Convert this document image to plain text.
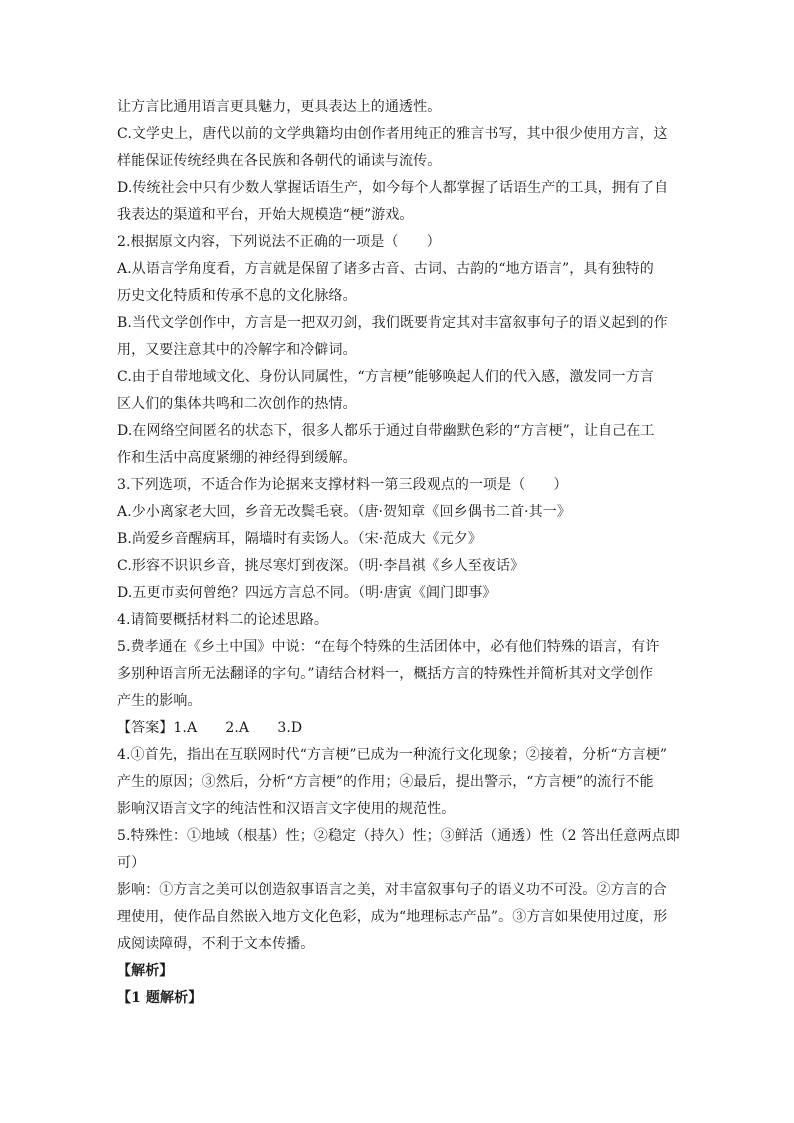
让方言比通用语言更具魅力，更具表达上的通透性。
C.文学史上，唐代以前的文学典籍均由创作者用纯正的雅言书写，其中很少使用方言，这
样能保证传统经典在各民族和各朝代的诵读与流传。
D.传统社会中只有少数人掌握话语生产，如今每个人都掌握了话语生产的工具，拥有了自
我表达的渠道和平台，开始大规模造“梗”游戏。
2.根据原文内容，下列说法不正确的一项是（　　）
A.从语言学角度看，方言就是保留了诸多古音、古词、古韵的“地方语言”，具有独特的
历史文化特质和传承不息的文化脉络。
B.当代文学创作中，方言是一把双刃剑，我们既要肯定其对丰富叙事句子的语义起到的作
用，又要注意其中的冷解字和冷僻词。
C.由于自带地域文化、身份认同属性，“方言梗”能够唤起人们的代入感，激发同一方言
区人们的集体共鸣和二次创作的热情。
D.在网络空间匿名的状态下，很多人都乐于通过自带幽默色彩的“方言梗”，让自己在工
作和生活中高度紧绷的神经得到缓解。
3.下列选项，不适合作为论据来支撑材料一第三段观点的一项是（　　）
A.少小离家老大回，乡音无改鬓毛衰。（唐·贺知章《回乡偶书二首·其一》
B.尚爱乡音醒病耳，隔墙时有卖饧人。（宋·范成大《元夕》
C.形容不识识乡音，挑尽寒灯到夜深。（明·李昌祺《乡人至夜话》
D.五更市卖何曾绝？四远方言总不同。（明·唐寅《阊门即事》
4.请简要概括材料二的论述思路。
5.费孝通在《乡土中国》中说：“在每个特殊的生活团体中，必有他们特殊的语言，有许
多别种语言所无法翻译的字句。”请结合材料一，概括方言的特殊性并简析其对文学创作
产生的影响。
【答案】1.A　　2.A　　3.D
4.①首先，指出在互联网时代“方言梗”已成为一种流行文化现象；②接着，分析“方言梗”
产生的原因；③然后，分析“方言梗”的作用；④最后，提出警示，“方言梗”的流行不能
影响汉语言文字的纯洁性和汉语言文字使用的规范性。
5.特殊性：①地域（根基）性；②稳定（持久）性；③鲜活（通透）性（2 答出任意两点即
可）
影响：①方言之美可以创造叙事语言之美，对丰富叙事句子的语义功不可没。②方言的合
理使用，使作品自然嵌入地方文化色彩，成为“地理标志产品”。③方言如果使用过度，形
成阅读障碍，不利于文本传播。
【解析】
【1 题解析】
